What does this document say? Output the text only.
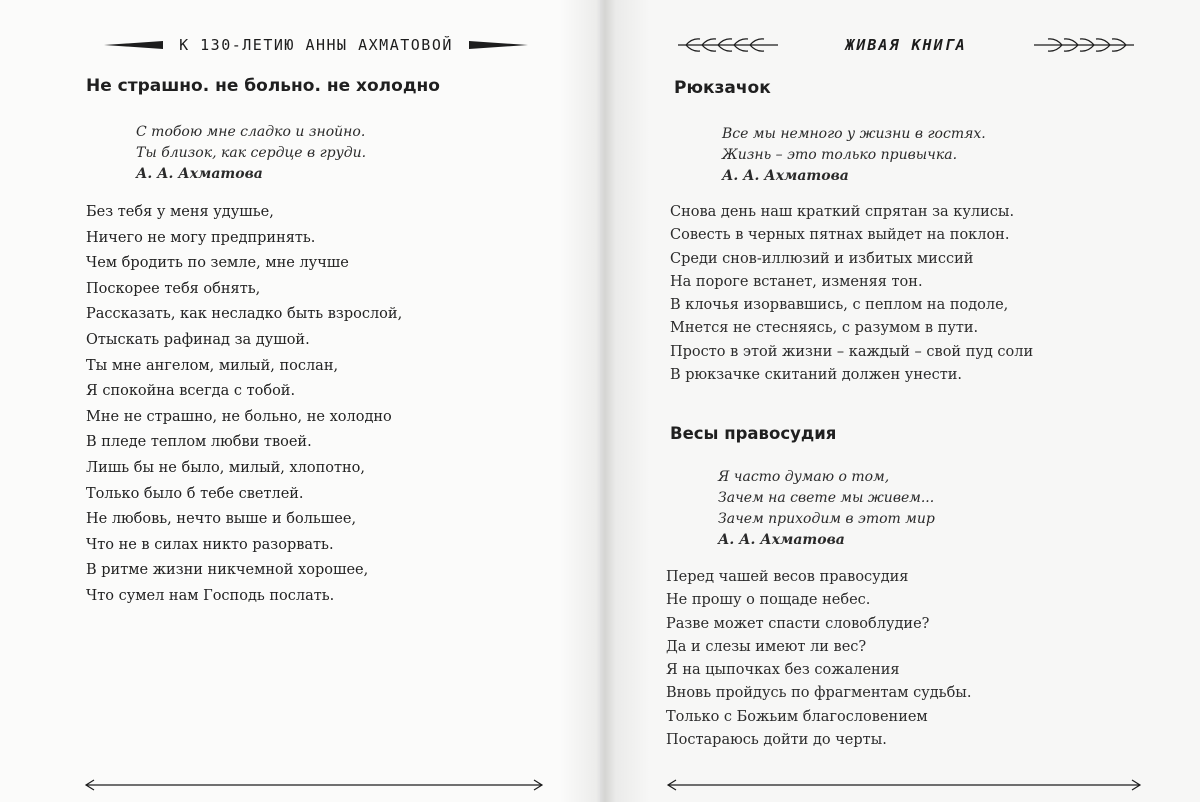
К 130-ЛЕТИЮ АННЫ АХМАТОВОЙ
Не страшно. не больно. не холодно
С тобою мне сладко и знойно.
Ты близок, как сердце в груди.
А. А. Ахматова
Без тебя у меня удушье,
Ничего не могу предпринять.
Чем бродить по земле, мне лучше
Поскорее тебя обнять,
Рассказать, как несладко быть взрослой,
Отыскать рафинад за душой.
Ты мне ангелом, милый, послан,
Я спокойна всегда с тобой.
Мне не страшно, не больно, не холодно
В пледе теплом любви твоей.
Лишь бы не было, милый, хлопотно,
Только было б тебе светлей.
Не любовь, нечто выше и большее,
Что не в силах никто разорвать.
В ритме жизни никчемной хорошее,
Что сумел нам Господь послать.
ЖИВАЯ КНИГА
Рюкзачок
Все мы немного у жизни в гостях.
Жизнь – это только привычка.
А. А. Ахматова
Снова день наш краткий спрятан за кулисы.
Совесть в черных пятнах выйдет на поклон.
Среди снов-иллюзий и избитых миссий
На пороге встанет, изменяя тон.
В клочья изорвавшись, с пеплом на подоле,
Мнется не стесняясь, с разумом в пути.
Просто в этой жизни – каждый – свой пуд соли
В рюкзачке скитаний должен унести.
Весы правосудия
Я часто думаю о том,
Зачем на свете мы живем...
Зачем приходим в этот мир
А. А. Ахматова
Перед чашей весов правосудия
Не прошу о пощаде небес.
Разве может спасти словоблудие?
Да и слезы имеют ли вес?
Я на цыпочках без сожаления
Вновь пройдусь по фрагментам судьбы.
Только с Божьим благословением
Постараюсь дойти до черты.
